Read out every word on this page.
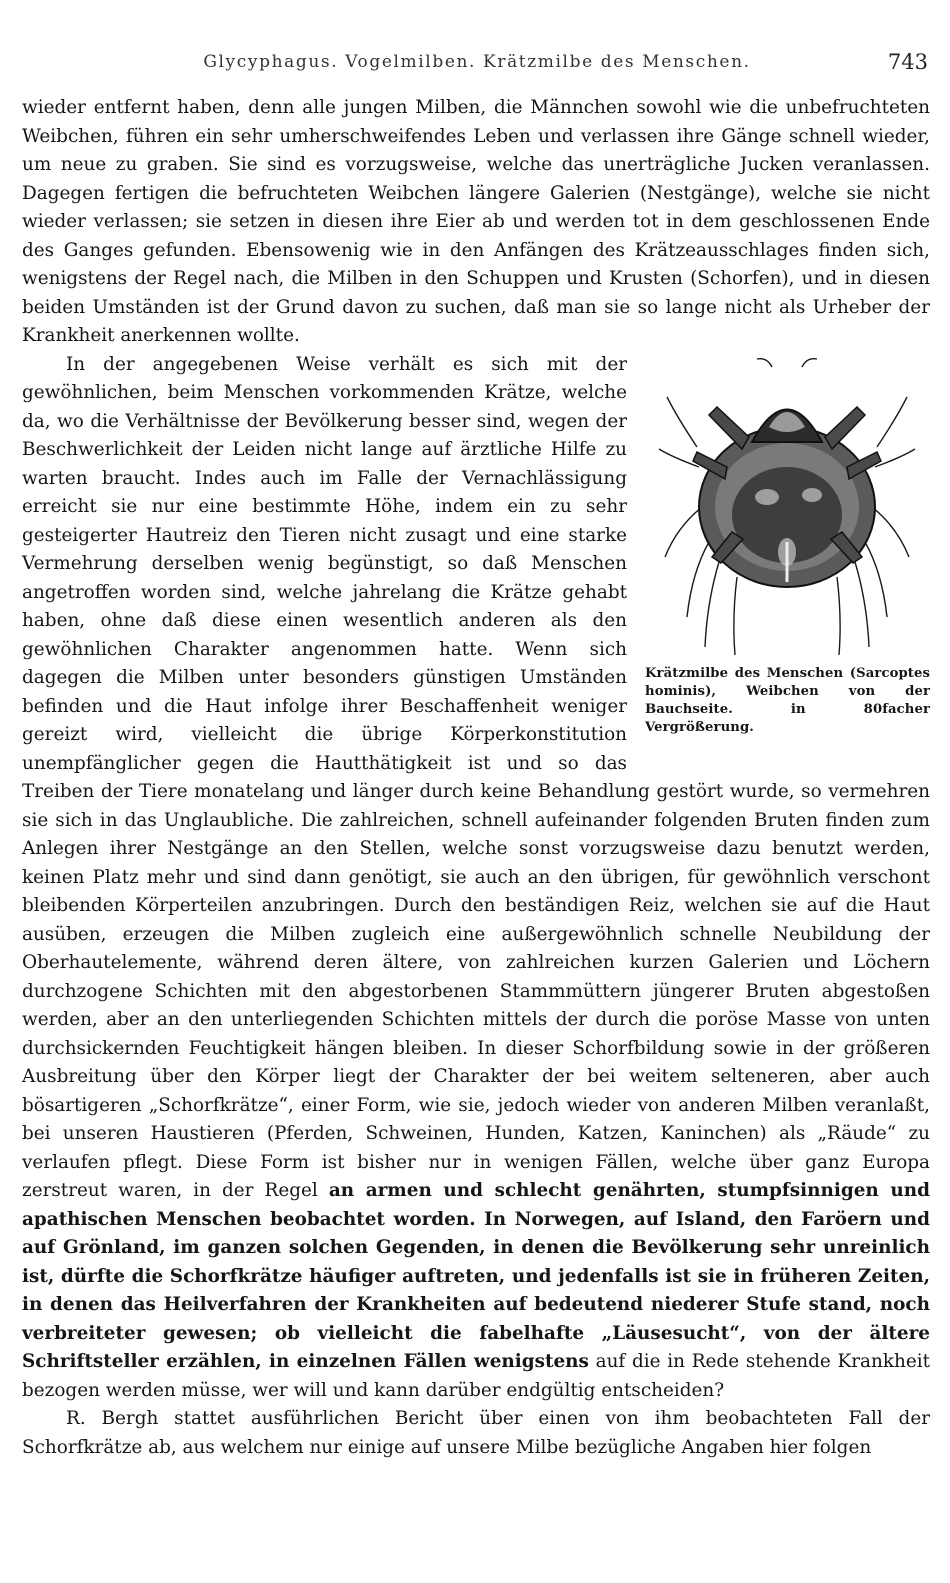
Glycyphagus. Vogelmilben. Krätzmilbe des Menschen.	743

wieder entfernt haben, denn alle jungen Milben, die Männchen sowohl wie die unbefruchteten Weibchen, führen ein sehr umherschweifendes Leben und verlassen ihre Gänge schnell wieder, um neue zu graben. Sie sind es vorzugsweise, welche das unerträgliche Jucken veranlassen. Dagegen fertigen die befruchteten Weibchen längere Galerien (Nestgänge), welche sie nicht wieder verlassen; sie setzen in diesen ihre Eier ab und werden tot in dem geschlossenen Ende des Ganges gefunden. Ebensowenig wie in den Anfängen des Krätzeausschlages finden sich, wenigstens der Regel nach, die Milben in den Schuppen und Krusten (Schorfen), und in diesen beiden Umständen ist der Grund davon zu suchen, daß man sie so lange nicht als Urheber der Krankheit anerkennen wollte.

Krätzmilbe des Menschen (Sarcoptes hominis), Weibchen von der Bauchseite. in 80facher Vergrößerung.

In der angegebenen Weise verhält es sich mit der gewöhnlichen, beim Menschen vorkommenden Krätze, welche da, wo die Verhältnisse der Bevölkerung besser sind, wegen der Beschwerlichkeit der Leiden nicht lange auf ärztliche Hilfe zu warten braucht. Indes auch im Falle der Vernachlässigung erreicht sie nur eine bestimmte Höhe, indem ein zu sehr gesteigerter Hautreiz den Tieren nicht zusagt und eine starke Vermehrung derselben wenig begünstigt, so daß Menschen angetroffen worden sind, welche jahrelang die Krätze gehabt haben, ohne daß diese einen wesentlich anderen als den gewöhnlichen Charakter angenommen hatte. Wenn sich dagegen die Milben unter besonders günstigen Umständen befinden und die Haut infolge ihrer Beschaffenheit weniger gereizt wird, vielleicht die übrige Körperkonstitution unempfänglicher gegen die Hautthätigkeit ist und so das Treiben der Tiere monatelang und länger durch keine Behandlung gestört wurde, so vermehren sie sich in das Unglaubliche. Die zahlreichen, schnell aufeinander folgenden Bruten finden zum Anlegen ihrer Nestgänge an den Stellen, welche sonst vorzugsweise dazu benutzt werden, keinen Platz mehr und sind dann genötigt, sie auch an den übrigen, für gewöhnlich verschont bleibenden Körperteilen anzubringen. Durch den beständigen Reiz, welchen sie auf die Haut ausüben, erzeugen die Milben zugleich eine außergewöhnlich schnelle Neubildung der Oberhautelemente, während deren ältere, von zahlreichen kurzen Galerien und Löchern durchzogene Schichten mit den abgestorbenen Stammmüttern jüngerer Bruten abgestoßen werden, aber an den unterliegenden Schichten mittels der durch die poröse Masse von unten durchsickernden Feuchtigkeit hängen bleiben. In dieser Schorfbildung sowie in der größeren Ausbreitung über den Körper liegt der Charakter der bei weitem selteneren, aber auch bösartigeren „Schorfkrätze“, einer Form, wie sie, jedoch wieder von anderen Milben veranlaßt, bei unseren Haustieren (Pferden, Schweinen, Hunden, Katzen, Kaninchen) als „Räude“ zu verlaufen pflegt. Diese Form ist bisher nur in wenigen Fällen, welche über ganz Europa zerstreut waren, in der Regel an armen und schlecht genährten, stumpfsinnigen und apathischen Menschen beobachtet worden. In Norwegen, auf Island, den Faröern und auf Grönland, im ganzen solchen Gegenden, in denen die Bevölkerung sehr unreinlich ist, dürfte die Schorfkrätze häufiger auftreten, und jedenfalls ist sie in früheren Zeiten, in denen das Heilverfahren der Krankheiten auf bedeutend niederer Stufe stand, noch verbreiteter gewesen; ob vielleicht die fabelhafte „Läusesucht“, von der ältere Schriftsteller erzählen, in einzelnen Fällen wenigstens auf die in Rede stehende Krankheit bezogen werden müsse, wer will und kann darüber endgültig entscheiden?

R. Bergh stattet ausführlichen Bericht über einen von ihm beobachteten Fall der Schorfkrätze ab, aus welchem nur einige auf unsere Milbe bezügliche Angaben hier folgen
